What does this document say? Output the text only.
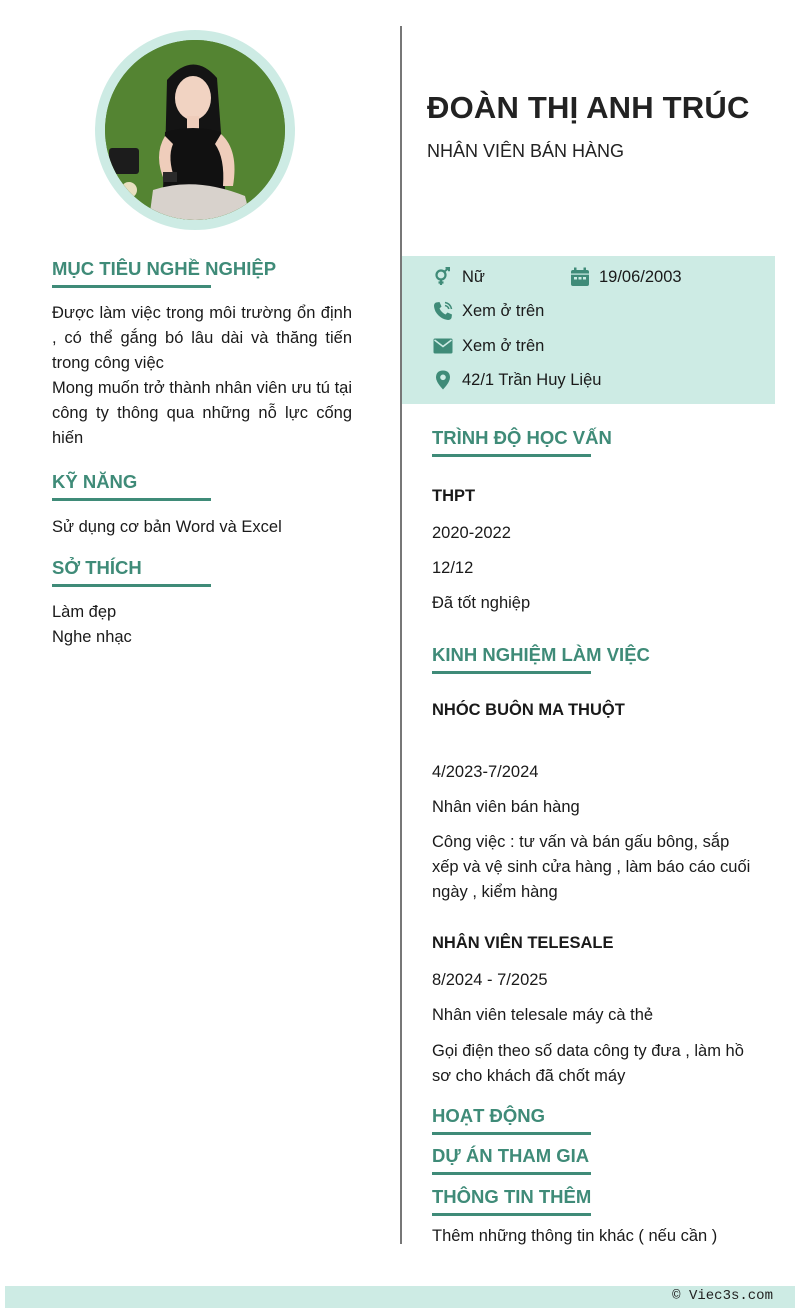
MỤC TIÊU NGHỀ NGHIỆP
Được làm việc trong môi trường ổn định , có thể gắng bó lâu dài và thăng tiến trong công việc
Mong muốn trở thành nhân viên ưu tú tại công ty thông qua những nỗ lực cống hiến
KỸ NĂNG
Sử dụng cơ bản Word và Excel
SỞ THÍCH
Làm đẹp
Nghe nhạc
ĐOÀN THỊ ANH TRÚC
NHÂN VIÊN BÁN HÀNG
Nữ	19/06/2003
Xem ở trên
Xem ở trên
42/1 Trần Huy Liệu
TRÌNH ĐỘ HỌC VẤN
THPT
2020-2022
12/12
Đã tốt nghiệp
KINH NGHIỆM LÀM VIỆC
NHÓC BUÔN MA THUỘT
4/2023-7/2024
Nhân viên bán hàng
Công việc : tư vấn và bán gấu bông, sắp xếp và vệ sinh cửa hàng , làm báo cáo cuối ngày , kiểm hàng
NHÂN VIÊN TELESALE
8/2024 - 7/2025
Nhân viên telesale máy cà thẻ
Gọi điện theo số data công ty đưa , làm hồ sơ cho khách đã chốt máy
HOẠT ĐỘNG
DỰ ÁN THAM GIA
THÔNG TIN THÊM
Thêm những thông tin khác ( nếu cần )
© Viec3s.com
